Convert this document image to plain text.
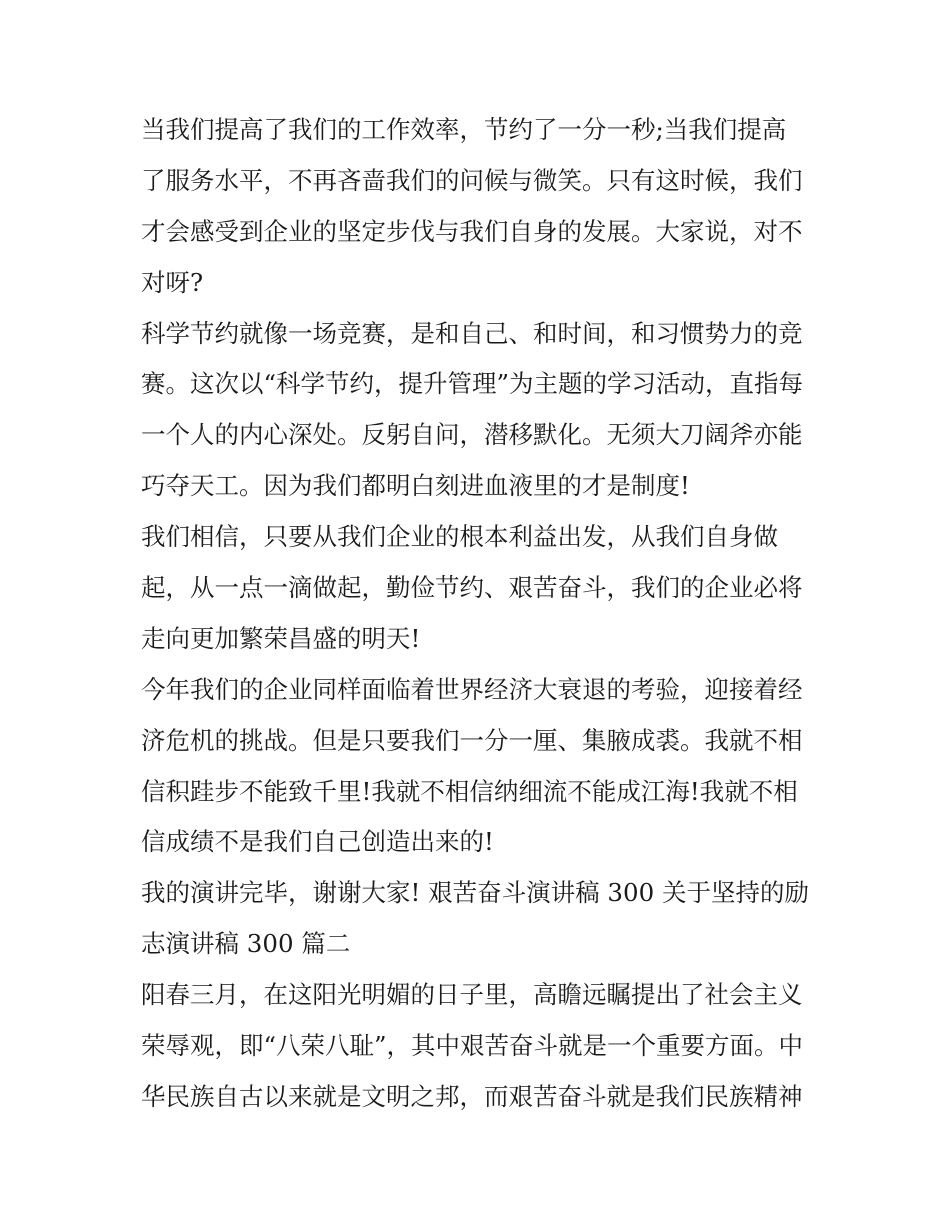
当我们提高了我们的工作效率，节约了一分一秒;当我们提高
了服务水平，不再吝啬我们的问候与微笑。只有这时候，我们
才会感受到企业的坚定步伐与我们自身的发展。大家说，对不
对呀?
科学节约就像一场竞赛，是和自己、和时间，和习惯势力的竞
赛。这次以“科学节约，提升管理”为主题的学习活动，直指每
一个人的内心深处。反躬自问，潜移默化。无须大刀阔斧亦能
巧夺天工。因为我们都明白刻进血液里的才是制度!
我们相信，只要从我们企业的根本利益出发，从我们自身做
起，从一点一滴做起，勤俭节约、艰苦奋斗，我们的企业必将
走向更加繁荣昌盛的明天!
今年我们的企业同样面临着世界经济大衰退的考验，迎接着经
济危机的挑战。但是只要我们一分一厘、集腋成裘。我就不相
信积跬步不能致千里!我就不相信纳细流不能成江海!我就不相
信成绩不是我们自己创造出来的!
我的演讲完毕，谢谢大家! 艰苦奋斗演讲稿 300 关于坚持的励
志演讲稿 300 篇二
阳春三月，在这阳光明媚的日子里，高瞻远瞩提出了社会主义
荣辱观，即“八荣八耻”，其中艰苦奋斗就是一个重要方面。中
华民族自古以来就是文明之邦，而艰苦奋斗就是我们民族精神
